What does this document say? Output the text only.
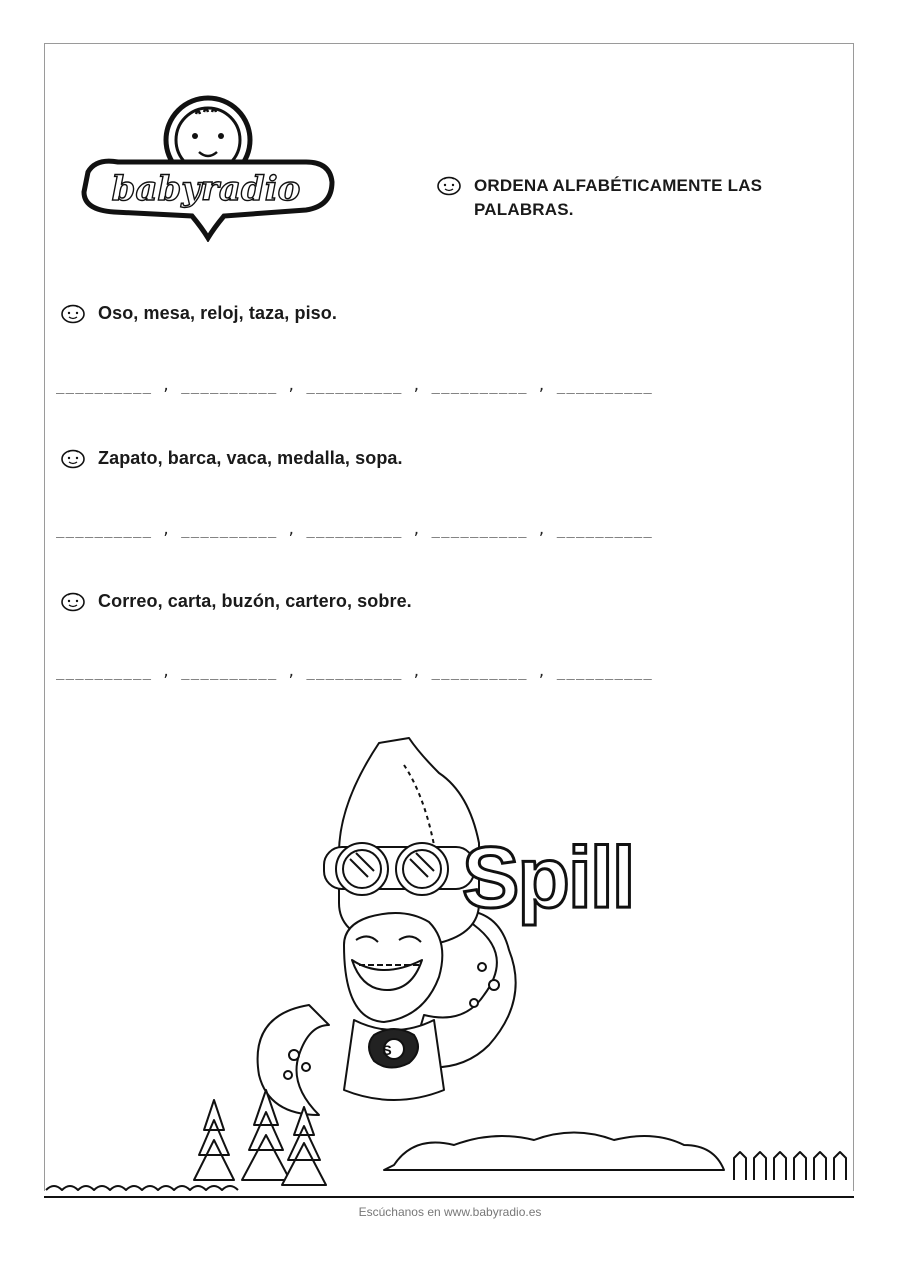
babyradio	ORDENA ALFABÉTICAMENTE LAS PALABRAS.
Oso, mesa, reloj, taza, piso.
__________ , __________ , __________ , __________ , __________
Zapato, barca, vaca, medalla, sopa.
__________ , __________ , __________ , __________ , __________
Correo, carta, buzón, cartero, sobre.
__________ , __________ , __________ , __________ , __________
Spill
S
Escúchanos en www.babyradio.es
